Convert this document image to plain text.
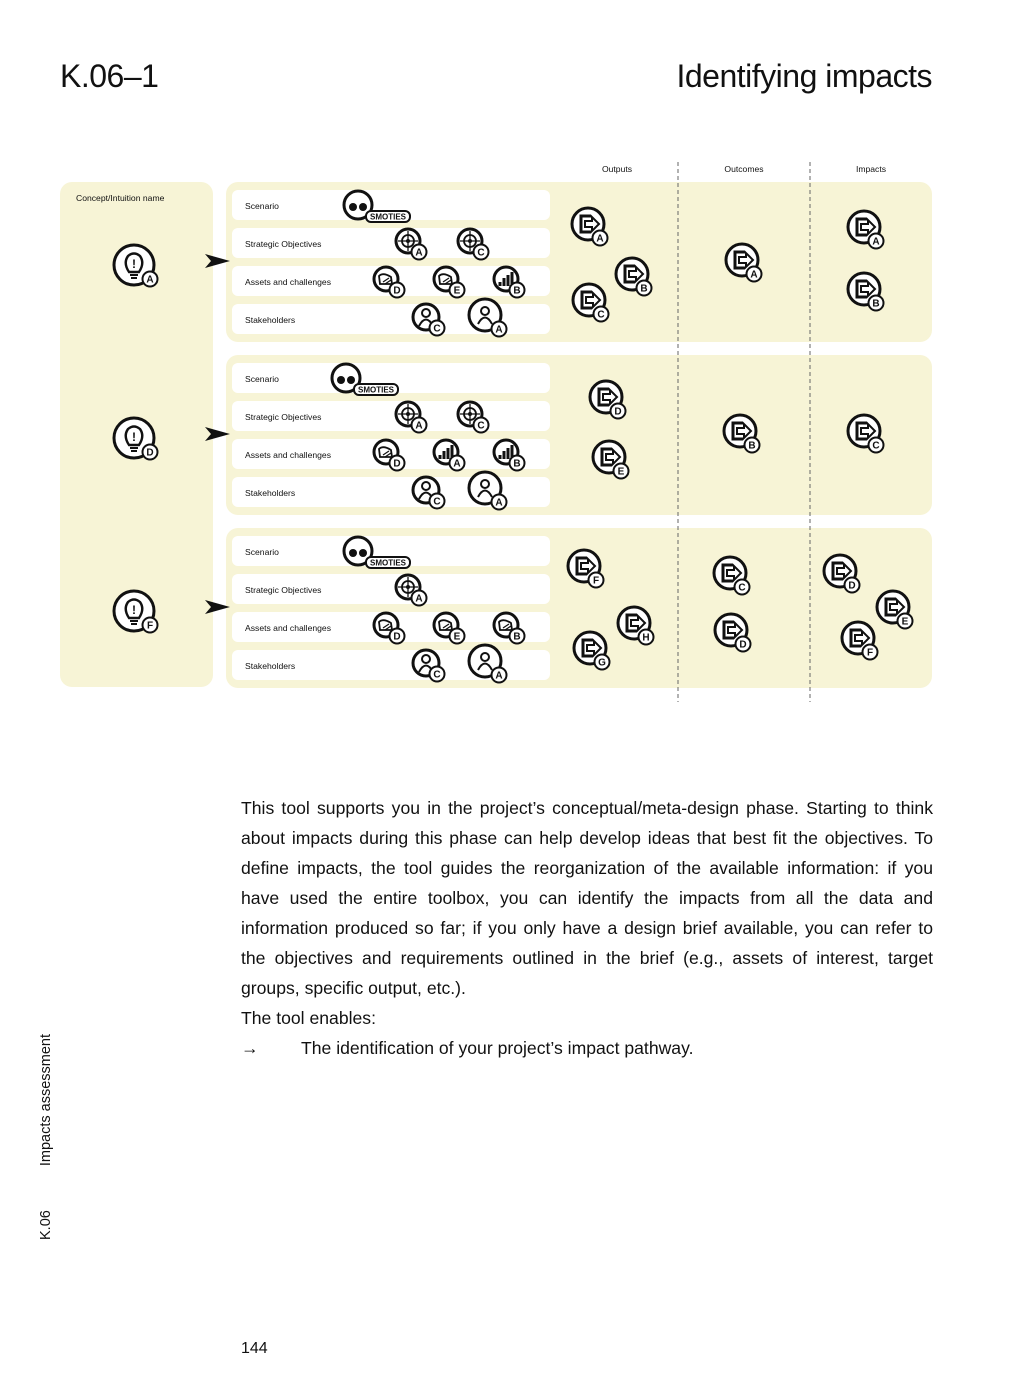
K.06–1	Identifying impacts
Concept/Intuition name
Outputs	Outcomes	Impacts
Scenario
Strategic Objectives
Assets and challenges
Stakeholders
!
A
SMOTIES
A	C
D	E	B
C	A
A
B
C
A
A
B
Scenario
Strategic Objectives
Assets and challenges
Stakeholders
!
D
SMOTIES
A	C
D	A	B
C	A
D
E
B	C
Scenario
Strategic Objectives
Assets and challenges
Stakeholders
!
F
SMOTIES
A
D	E	B
C	A
F
H
G
C
D
D
E
F

This tool supports you in the project’s conceptual/meta-design phase. Starting to think about impacts during this phase can help develop ideas that best fit the objectives. To define impacts, the tool guides the reorganization of the available information: if you have used the entire toolbox, you can identify the impacts from all the data and information produced so far; if you only have a design brief available, you can refer to the objectives and requirements outlined in the brief (e.g., assets of interest, target groups, specific output, etc.).

The tool enables:

→	The identification of your project’s impact pathway.

K.06Impacts assessment
144
